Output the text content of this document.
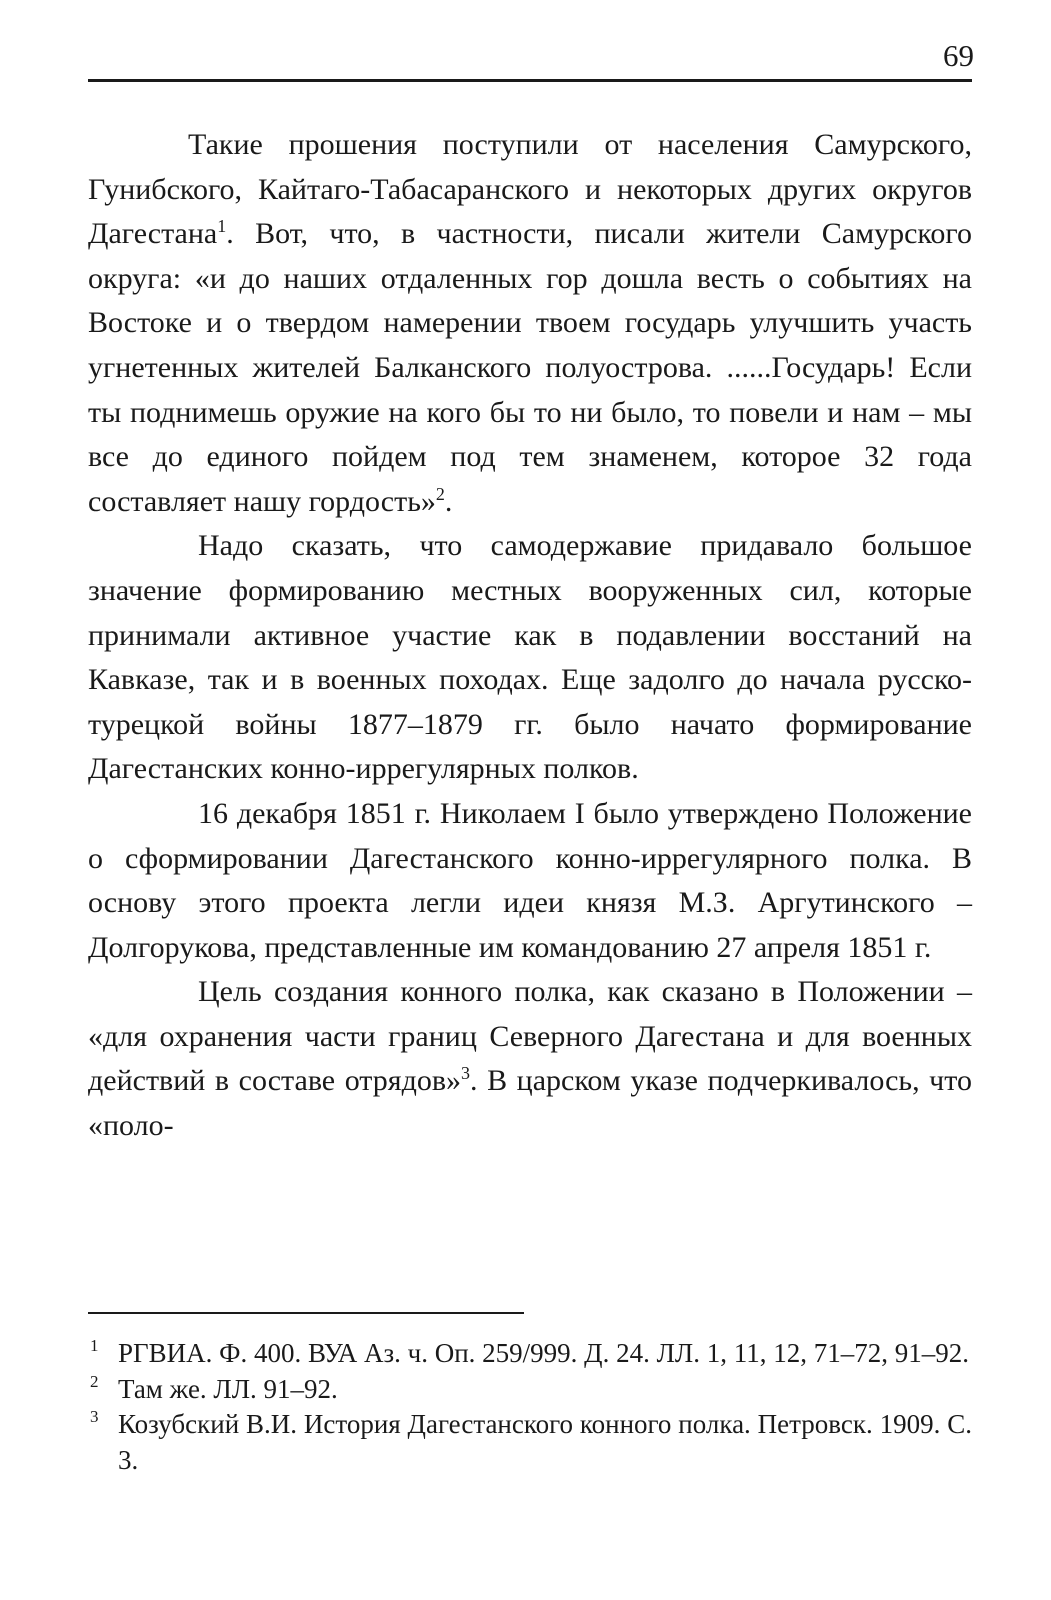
69

Такие прошения поступили от населения Самурского, Гунибского, Кайтаго-Табасаранского и некоторых других округов Дагестана$^1$. Вот, что, в частности, писали жители Самурского округа: «и до наших отдаленных гор дошла весть о событиях на Востоке и о твердом намерении твоем государь улучшить участь угнетенных жителей Балканского полуострова. ......Государь! Если ты поднимешь оружие на кого бы то ни было, то повели и нам – мы все до единого пойдем под тем знаменем, которое 32 года составляет нашу гордость»$^2$.

Надо сказать, что самодержавие придавало большое значение формированию местных вооруженных сил, которые принимали активное участие как в подавлении восстаний на Кавказе, так и в военных походах. Еще задолго до начала русско-турецкой войны 1877–1879 гг. было начато формирование Дагестанских конно-иррегулярных полков.

16 декабря 1851 г. Николаем I было утверждено Положение о сформировании Дагестанского конно-иррегулярного полка. В основу этого проекта легли идеи князя М.З. Аргутинского – Долгорукова, представленные им командованию 27 апреля 1851 г.

Цель создания конного полка, как сказано в Положении – «для охранения части границ Северного Дагестана и для военных действий в составе отрядов»$^3$. В царском указе подчеркивалось, что «поло-

1 РГВИА. Ф. 400. ВУА Аз. ч. Оп. 259/999. Д. 24. ЛЛ. 1, 11, 12, 71–72, 91–92.
2 Там же. ЛЛ. 91–92.
3 Козубский В.И. История Дагестанского конного полка. Петровск. 1909. С. 3.
